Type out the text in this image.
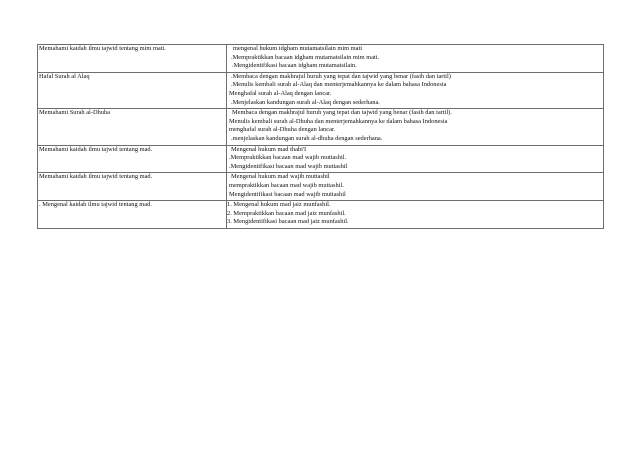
Memahami kaidah ilmu tajwid tentang mim mati.	mengenal hukum idgham mutamatsilain mim mati
.Mempraktikkan bacaan idgham mutamatsilain mim mati.
.Mengidentifikasi bacaan idgham mutamatsilain.

Hafal Surah al Alaq	.Membaca dengan makhrajul huruh yang tepat dan tajwid yang benar (fasih dan tartil)
.Menulis kembali surah al-Alaq dan menterjemahkannya ke dalam bahasa Indonesia
Menghafal surah al-Alaq dengan lancar.
.Menjelaskan kandungan surah al-Alaq dengan sederhana.

Memahami Surah al-Dhuha	Membaca dengan makhrajul huruh yang tepat dan tajwid yang benar (fasih dan tartil).
Menulis kembali surah al-Dhuha dan menterjemahkannya ke dalam bahasa Indonesia
menghafal surah al-Dhuha dengan lancar.
.menjelaskan kandungan surah al-dhuha dengan sederhana.

Memahami kaidah ilmu tajwid tentang mad.	Mengenal hukum mad thabi'I
.Mempraktikkan bacaan mad wajib muttashil.
.Mengidentifikasi bacaan mad wajib muttashil

Memahami kaidah ilmu tajwid tentang mad.	Mengenal hukum mad wajib muttashil
mempraktikkan bacaan mad wajib muttashil.
Mengidentifikasi bacaan mad wajib muttashil

. Mengenal kaidah ilmu tajwid tentang mad.	1. Mengenal hukum mad jaiz munfashil.
2. Mempraktikkan bacaan mad jaiz munfashil.
3. Mengidentifikasi bacaan mad jaiz munfashil.
